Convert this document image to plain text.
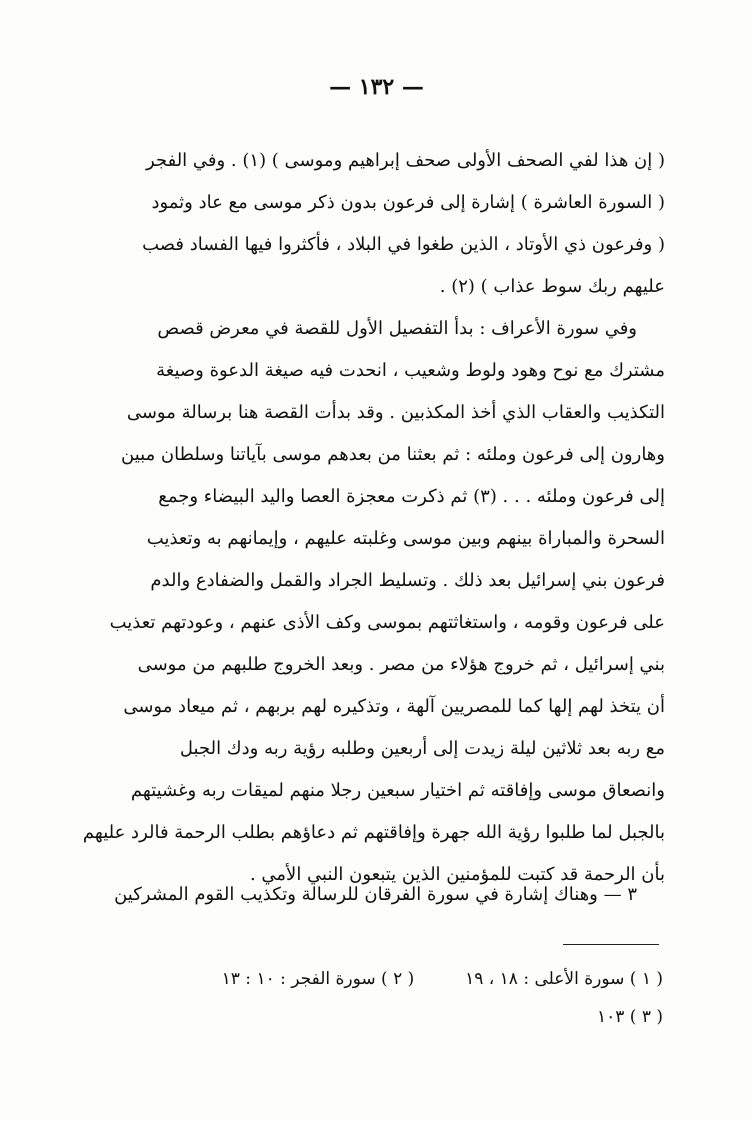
— ١٣٢ —
( إن هذا لفي الصحف الأولى صحف إبراهيم وموسى ) (١) . وفي الفجر
( السورة العاشرة ) إشارة إلى فرعون بدون ذكر موسى مع عاد وثمود
( وفرعون ذي الأوتاد ، الذين طغوا في البلاد ، فأكثروا فيها الفساد فصب
عليهم ربك سوط عذاب ) (٢) .
وفي سورة الأعراف : بدأ التفصيل الأول للقصة في معرض قصص
مشترك مع نوح وهود ولوط وشعيب ، انحدت فيه صيغة الدعوة وصيغة
التكذيب والعقاب الذي أخذ المكذبين . وقد بدأت القصة هنا برسالة موسى
وهارون إلى فرعون وملئه : ثم بعثنا من بعدهم موسى بآياتنا وسلطان مبين
إلى فرعون وملئه . . . (٣) ثم ذكرت معجزة العصا واليد البيضاء وجمع
السحرة والمباراة بينهم وبين موسى وغلبته عليهم ، وإيمانهم به وتعذيب
فرعون بني إسرائيل بعد ذلك . وتسليط الجراد والقمل والضفادع والدم
على فرعون وقومه ، واستغاثتهم بموسى وكف الأذى عنهم ، وعودتهم تعذيب
بني إسرائيل ، ثم خروج هؤلاء من مصر . وبعد الخروج طلبهم من موسى
أن يتخذ لهم إلها كما للمصريين آلهة ، وتذكيره لهم بربهم ، ثم ميعاد موسى
مع ربه بعد ثلاثين ليلة زيدت إلى أربعين وطلبه رؤية ربه ودك الجبل
وانصعاق موسى وإفاقته ثم اختيار سبعين رجلا منهم لميقات ربه وغشيتهم
بالجبل لما طلبوا رؤية الله جهرة وإفاقتهم ثم دعاؤهم بطلب الرحمة فالرد عليهم
بأن الرحمة قد كتبت للمؤمنين الذين يتبعون النبي الأمي .
٣ — وهناك إشارة في سورة الفرقان للرسالة وتكذيب القوم المشركين
( ١ ) سورة الأعلى : ١٨ ، ١٩  ( ٢ ) سورة الفجر : ١٠ : ١٣
( ٣ ) ١٠٣
